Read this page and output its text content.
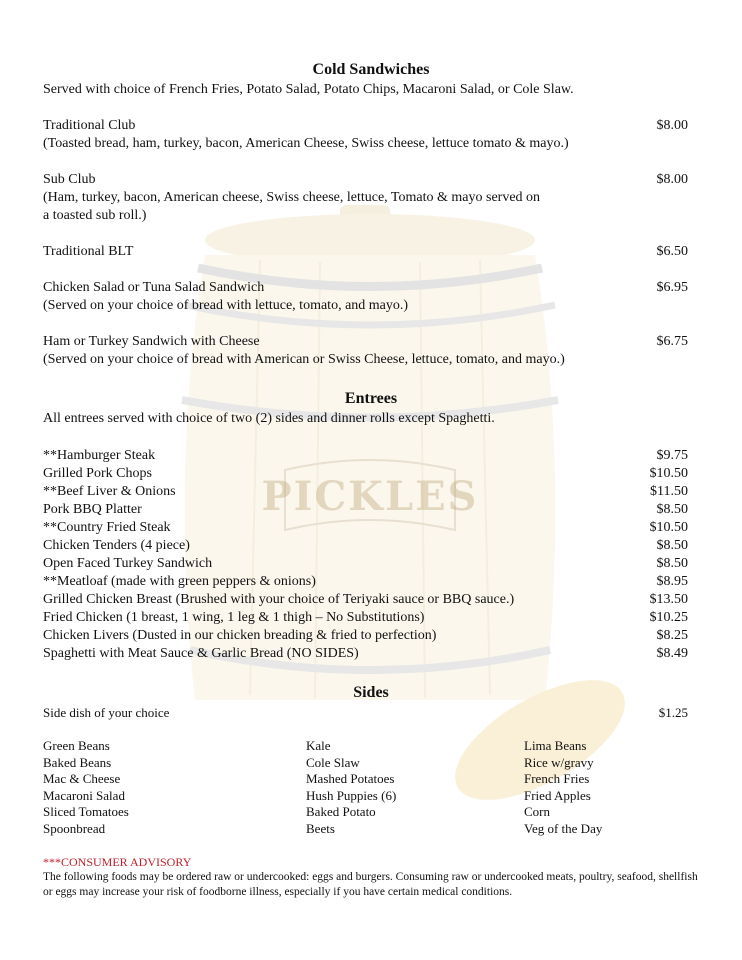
PICKLES
Cold Sandwiches
Served with choice of French Fries, Potato Salad, Potato Chips, Macaroni Salad, or Cole Slaw.
Traditional Club	$8.00
(Toasted bread, ham, turkey, bacon, American Cheese, Swiss cheese, lettuce tomato & mayo.)
Sub Club	$8.00
(Ham, turkey, bacon, American cheese, Swiss cheese, lettuce, Tomato & mayo served on
a toasted sub roll.)
Traditional BLT	$6.50
Chicken Salad or Tuna Salad Sandwich	$6.95
(Served on your choice of bread with lettuce, tomato, and mayo.)
Ham or Turkey Sandwich with Cheese	$6.75
(Served on your choice of bread with American or Swiss Cheese, lettuce, tomato, and mayo.)
Entrees
All entrees served with choice of two (2) sides and dinner rolls except Spaghetti.
**Hamburger Steak	$9.75
Grilled Pork Chops	$10.50
**Beef Liver & Onions	$11.50
Pork BBQ Platter	$8.50
**Country Fried Steak	$10.50
Chicken Tenders (4 piece)	$8.50
Open Faced Turkey Sandwich	$8.50
**Meatloaf (made with green peppers & onions)	$8.95
Grilled Chicken Breast (Brushed with your choice of Teriyaki sauce or BBQ sauce.)	$13.50
Fried Chicken (1 breast, 1 wing, 1 leg & 1 thigh – No Substitutions)	$10.25
Chicken Livers (Dusted in our chicken breading & fried to perfection)	$8.25
Spaghetti with Meat Sauce & Garlic Bread (NO SIDES)	$8.49
Sides
Side dish of your choice	$1.25
Green Beans
Baked Beans
Mac & Cheese
Macaroni Salad
Sliced Tomatoes
Spoonbread
Kale
Cole Slaw
Mashed Potatoes
Hush Puppies (6)
Baked Potato
Beets
Lima Beans
Rice w/gravy
French Fries
Fried Apples
Corn
Veg of the Day
***CONSUMER ADVISORY
The following foods may be ordered raw or undercooked: eggs and burgers. Consuming raw or undercooked meats, poultry, seafood, shellfish or eggs may increase your risk of foodborne illness, especially if you have certain medical conditions.
